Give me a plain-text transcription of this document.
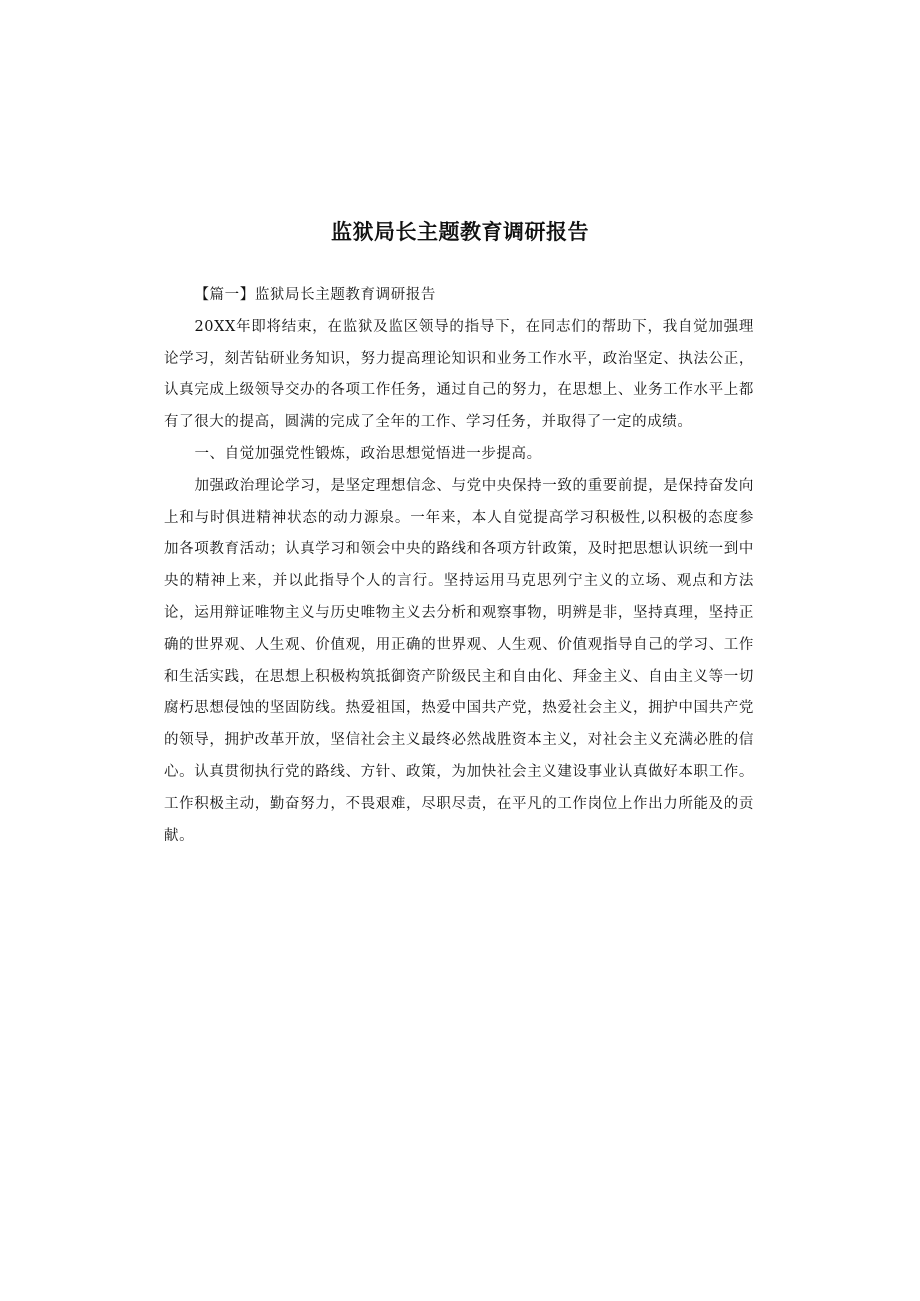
监狱局长主题教育调研报告

【篇一】监狱局长主题教育调研报告

20XX年即将结束，在监狱及监区领导的指导下，在同志们的帮助下，我自觉加强理论学习，刻苦钻研业务知识，努力提高理论知识和业务工作水平，政治坚定、执法公正，认真完成上级领导交办的各项工作任务，通过自己的努力，在思想上、业务工作水平上都有了很大的提高，圆满的完成了全年的工作、学习任务，并取得了一定的成绩。

一、自觉加强党性锻炼，政治思想觉悟进一步提高。

加强政治理论学习，是坚定理想信念、与党中央保持一致的重要前提，是保持奋发向上和与时俱进精神状态的动力源泉。一年来，本人自觉提高学习积极性,以积极的态度参加各项教育活动；认真学习和领会中央的路线和各项方针政策，及时把思想认识统一到中央的精神上来，并以此指导个人的言行。坚持运用马克思列宁主义的立场、观点和方法论，运用辩证唯物主义与历史唯物主义去分析和观察事物，明辨是非，坚持真理，坚持正确的世界观、人生观、价值观，用正确的世界观、人生观、价值观指导自己的学习、工作和生活实践，在思想上积极构筑抵御资产阶级民主和自由化、拜金主义、自由主义等一切腐朽思想侵蚀的坚固防线。热爱祖国，热爱中国共产党，热爱社会主义，拥护中国共产党的领导，拥护改革开放，坚信社会主义最终必然战胜资本主义，对社会主义充满必胜的信心。认真贯彻执行党的路线、方针、政策，为加快社会主义建设事业认真做好本职工作。工作积极主动，勤奋努力，不畏艰难，尽职尽责，在平凡的工作岗位上作出力所能及的贡献。
